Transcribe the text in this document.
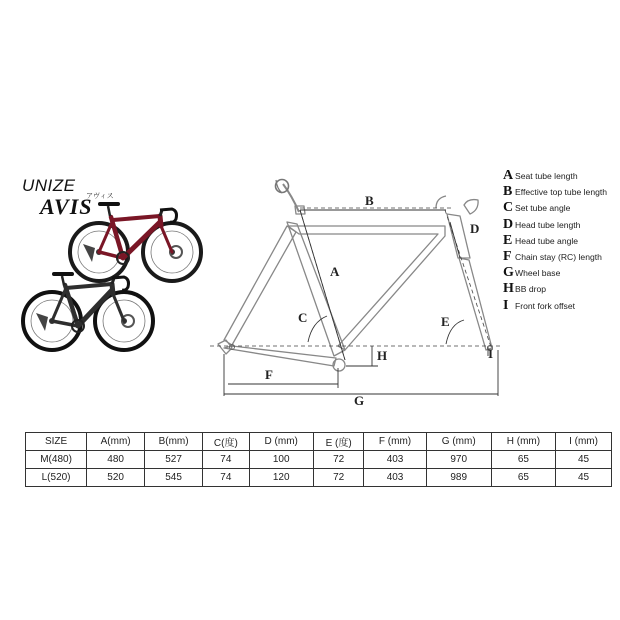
UNIZE
AVIS
アヴィス	B
A
C
D
E
F
G
H	I
A Seat tube length
B Effective top tube length
C Set tube angle
D Head tube length
E Head tube angle
F Chain stay (RC) length
G Wheel base
H BB drop
I Front fork offset
SIZE	A(mm)	B(mm)	C(度)	D (mm)	E (度)	F (mm)	G (mm)	H (mm)	I (mm)
M(480)	480	527	74	100	72	403	970	65	45
L(520)	520	545	74	120	72	403	989	65	45
